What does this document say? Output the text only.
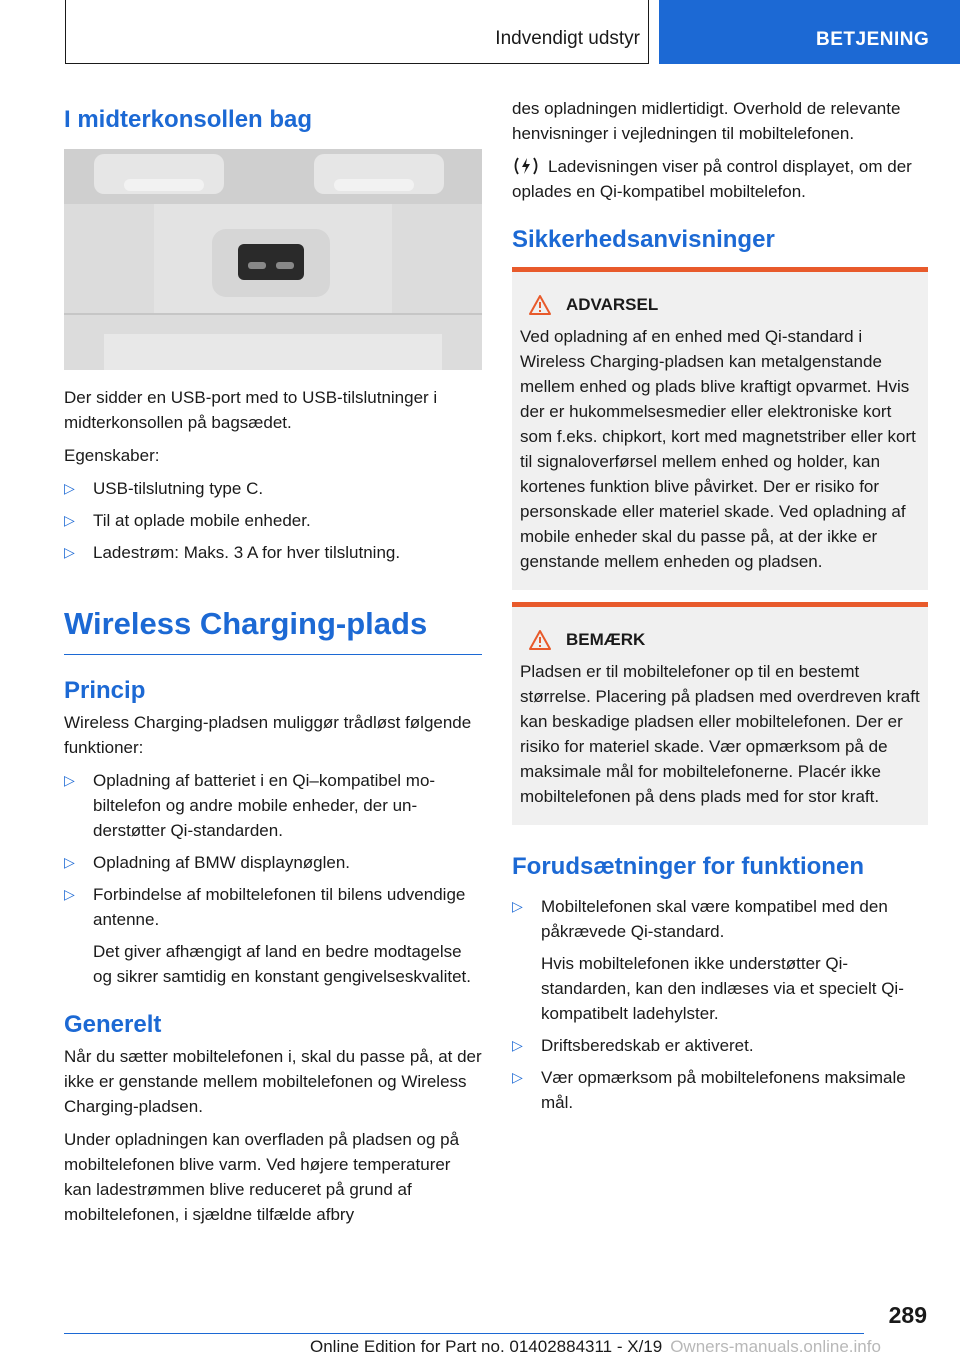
Indvendigt udstyr	BETJENING
I midterkonsollen bag

Der sidder en USB-port med to USB-tilslutninger i midterkonsollen på bagsædet.

Egenskaber:

▷ USB-tilslutning type C.
▷ Til at oplade mobile enheder.
▷ Ladestrøm: Maks. 3 A for hver tilslutning.
Wireless Charging-plads
Princip

Wireless Charging-pladsen muliggør trådløst følgende funktioner:

▷ Opladning af batteriet i en Qi–kompatibel mobiltelefon og andre mobile enheder, der understøtter Qi-standarden.
▷ Opladning af BMW displaynøglen.
▷ Forbindelse af mobiltelefonen til bilens udvendige antenne.

Det giver afhængigt af land en bedre modtagelse og sikrer samtidig en konstant gengivelseskvalitet.

Generelt

Når du sætter mobiltelefonen i, skal du passe på, at der ikke er genstande mellem mobiltelefonen og Wireless Charging-pladsen.

Under opladningen kan overfladen på pladsen og på mobiltelefonen blive varm. Ved højere temperaturer kan ladestrømmen blive reduceret på grund af mobiltelefonen, i sjældne tilfælde afbry

des opladningen midlertidigt. Overhold de relevante henvisninger i vejledningen til mobiltelefonen.

Ladevisningen viser på control displayet, om der oplades en Qi-kompatibel mobiltelefon.

Sikkerhedsanvisninger
ADVARSEL

Ved opladning af en enhed med Qi-standard i Wireless Charging-pladsen kan metalgenstande mellem enhed og plads blive kraftigt opvarmet. Hvis der er hukommelsesmedier eller elektroniske kort som f.eks. chipkort, kort med magnetstriber eller kort til signaloverførsel mellem enhed og holder, kan kortenes funktion blive påvirket. Der er risiko for personskade eller materiel skade. Ved opladning af mobile enheder skal du passe på, at der ikke er genstande mellem enheden og pladsen.

BEMÆRK

Pladsen er til mobiltelefoner op til en bestemt størrelse. Placering på pladsen med overdreven kraft kan beskadige pladsen eller mobiltelefonen. Der er risiko for materiel skade. Vær opmærksom på de maksimale mål for mobiltelefonerne. Placér ikke mobiltelefonen på dens plads med for stor kraft.

Forudsætninger for funktionen
▷ Mobiltelefonen skal være kompatibel med den påkrævede Qi-standard.

Hvis mobiltelefonen ikke understøtter Qi-standarden, kan den indlæses via et specielt Qi-kompatibelt ladehylster.

▷ Driftsberedskab er aktiveret.
▷ Vær opmærksom på mobiltelefonens maksimale mål.
289
Online Edition for Part no. 01402884311 - X/19 Owners-manuals.online.info
